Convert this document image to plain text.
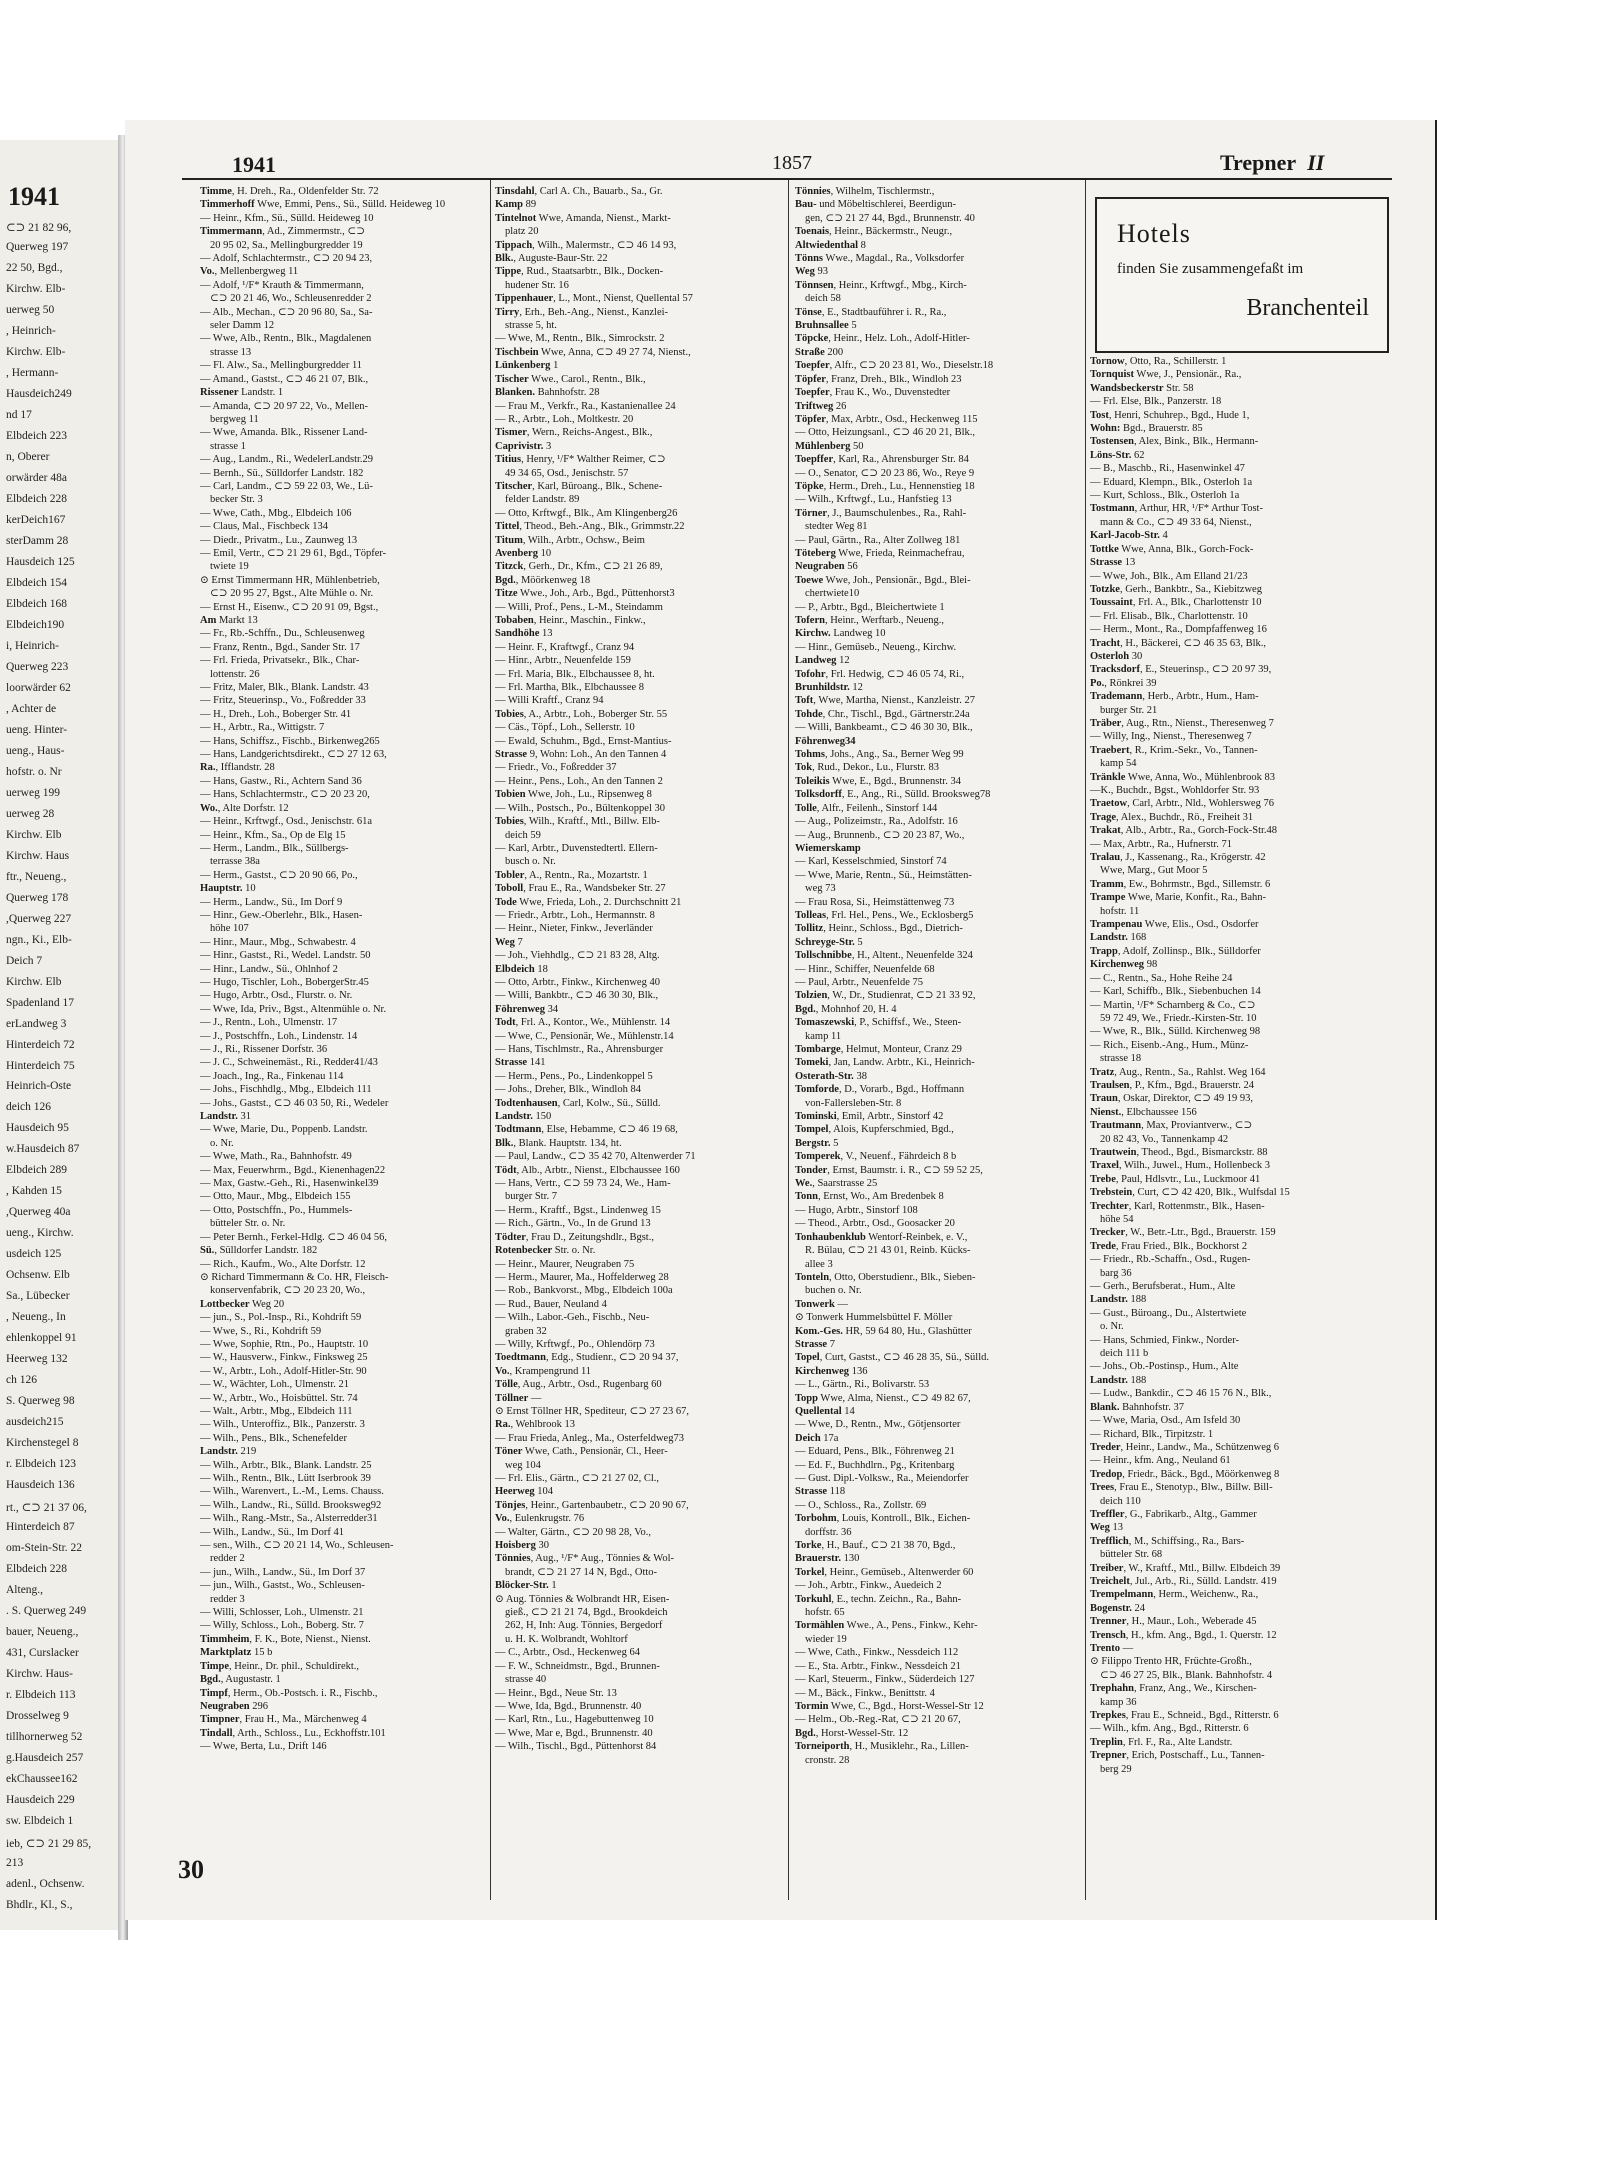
1941
⊂⊃ 21 82 96,
Querweg 197
22 50, Bgd.,
Kirchw. Elb-
uerweg 50
, Heinrich-
Kirchw. Elb-
, Hermann-
Hausdeich249
nd 17
Elbdeich 223
n, Oberer
orwärder 48a
Elbdeich 228
kerDeich167
sterDamm 28
Hausdeich 125
Elbdeich 154
Elbdeich 168
Elbdeich190
i, Heinrich-
Querweg 223
loorwärder 62
, Achter de
ueng. Hinter-
ueng., Haus-
hofstr. o. Nr
uerweg 199
uerweg 28
Kirchw. Elb
Kirchw. Haus
ftr., Neueng.,
Querweg 178
,Querweg 227
ngn., Ki., Elb-
Deich 7
Kirchw. Elb
Spadenland 17
erLandweg 3
Hinterdeich 72
Hinterdeich 75
Heinrich-Oste
deich 126
Hausdeich 95
w.Hausdeich 87
Elbdeich 289
, Kahden 15
,Querweg 40a
ueng., Kirchw.
usdeich 125
Ochsenw. Elb
Sa., Lübecker
, Neueng., In
ehlenkoppel 91
Heerweg 132
ch 126
S. Querweg 98
ausdeich215
Kirchenstegel 8
r. Elbdeich 123
Hausdeich 136
rt., ⊂⊃ 21 37 06,
Hinterdeich 87
om-Stein-Str. 22
Elbdeich 228
Alteng.,
. S. Querweg 249
bauer, Neueng.,
431, Curslacker
Kirchw. Haus-
r. Elbdeich 113
Drosselweg 9
tillhornerweg 52
g.Hausdeich 257
ekChaussee162
Hausdeich 229
sw. Elbdeich 1
ieb, ⊂⊃ 21 29 85,
213
adenl., Ochsenw.
Bhdlr., Kl., S.,
1941	1857	Trepner II
Timme, H. Dreh., Ra., Oldenfelder Str. 72
Timmerhoff Wwe, Emmi, Pens., Sü., Sülld. Heideweg 10
— Heinr., Kfm., Sü., Sülld. Heideweg 10
Timmermann, Ad., Zimmermstr., ⊂⊃
20 95 02, Sa., Mellingburgredder 19
— Adolf, Schlachtermstr., ⊂⊃ 20 94 23,
Vo., Mellenbergweg 11
— Adolf, ¹/F* Krauth & Timmermann,
⊂⊃ 20 21 46, Wo., Schleusenredder 2
— Alb., Mechan., ⊂⊃ 20 96 80, Sa., Sa-
seler Damm 12
— Wwe, Alb., Rentn., Blk., Magdalenen
strasse 13
— Fl. Alw., Sa., Mellingburgredder 11
— Amand., Gastst., ⊂⊃ 46 21 07, Blk.,
Rissener Landstr. 1
— Amanda, ⊂⊃ 20 97 22, Vo., Mellen-
bergweg 11
— Wwe, Amanda. Blk., Rissener Land-
strasse 1
— Aug., Landm., Ri., WedelerLandstr.29
— Bernh., Sü., Sülldorfer Landstr. 182
— Carl, Landm., ⊂⊃ 59 22 03, We., Lü-
becker Str. 3
— Wwe, Cath., Mbg., Elbdeich 106
— Claus, Mal., Fischbeck 134
— Diedr., Privatm., Lu., Zaunweg 13
— Emil, Vertr., ⊂⊃ 21 29 61, Bgd., Töpfer-
twiete 19
⊙ Ernst Timmermann HR, Mühlenbetrieb,
⊂⊃ 20 95 27, Bgst., Alte Mühle o. Nr.
— Ernst H., Eisenw., ⊂⊃ 20 91 09, Bgst.,
Am Markt 13
— Fr., Rb.-Schffn., Du., Schleusenweg
— Franz, Rentn., Bgd., Sander Str. 17
— Frl. Frieda, Privatsekr., Blk., Char-
lottenstr. 26
— Fritz, Maler, Blk., Blank. Landstr. 43
— Fritz, Steuerinsp., Vo., Foßredder 33
— H., Dreh., Loh., Boberger Str. 41
— H., Arbtr., Ra., Wittigstr. 7
— Hans, Schiffsz., Fischb., Birkenweg265
— Hans, Landgerichtsdirekt., ⊂⊃ 27 12 63,
Ra., Ifflandstr. 28
— Hans, Gastw., Ri., Achtern Sand 36
— Hans, Schlachtermstr., ⊂⊃ 20 23 20,
Wo., Alte Dorfstr. 12
— Heinr., Krftwgf., Osd., Jenischstr. 61a
— Heinr., Kfm., Sa., Op de Elg 15
— Herm., Landm., Blk., Süllbergs-
terrasse 38a
— Herm., Gastst., ⊂⊃ 20 90 66, Po.,
Hauptstr. 10
— Herm., Landw., Sü., Im Dorf 9
— Hinr., Gew.-Oberlehr., Blk., Hasen-
höhe 107
— Hinr., Maur., Mbg., Schwabestr. 4
— Hinr., Gastst., Ri., Wedel. Landstr. 50
— Hinr., Landw., Sü., Ohlnhof 2
— Hugo, Tischler, Loh., BobergerStr.45
— Hugo, Arbtr., Osd., Flurstr. o. Nr.
— Wwe, Ida, Priv., Bgst., Altenmühle o. Nr.
— J., Rentn., Loh., Ulmenstr. 17
— J., Postschffn., Loh., Lindenstr. 14
— J., Ri., Rissener Dorfstr. 36
— J. C., Schweinemäst., Ri., Redder41/43
— Joach., Ing., Ra., Finkenau 114
— Johs., Fischhdlg., Mbg., Elbdeich 111
— Johs., Gastst., ⊂⊃ 46 03 50, Ri., Wedeler
Landstr. 31
— Wwe, Marie, Du., Poppenb. Landstr.
o. Nr.
— Wwe, Math., Ra., Bahnhofstr. 49
— Max, Feuerwhrm., Bgd., Kienenhagen22
— Max, Gastw.-Geh., Ri., Hasenwinkel39
— Otto, Maur., Mbg., Elbdeich 155
— Otto, Postschffn., Po., Hummels-
bütteler Str. o. Nr.
— Peter Bernh., Ferkel-Hdlg. ⊂⊃ 46 04 56,
Sü., Sülldorfer Landstr. 182
— Rich., Kaufm., Wo., Alte Dorfstr. 12
⊙ Richard Timmermann & Co. HR, Fleisch-
konservenfabrik, ⊂⊃ 20 23 20, Wo.,
Lottbecker Weg 20
— jun., S., Pol.-Insp., Ri., Kohdrift 59
— Wwe, S., Ri., Kohdrift 59
— Wwe, Sophie, Rtn., Po., Hauptstr. 10
— W., Hausverw., Finkw., Finksweg 25
— W., Arbtr., Loh., Adolf-Hitler-Str. 90
— W., Wächter, Loh., Ulmenstr. 21
— W., Arbtr., Wo., Hoisbüttel. Str. 74
— Walt., Arbtr., Mbg., Elbdeich 111
— Wilh., Unteroffiz., Blk., Panzerstr. 3
— Wilh., Pens., Blk., Schenefelder
Landstr. 219
— Wilh., Arbtr., Blk., Blank. Landstr. 25
— Wilh., Rentn., Blk., Lütt Iserbrook 39
— Wilh., Warenvert., L.-M., Lems. Chauss.
— Wilh., Landw., Ri., Sülld. Brooksweg92
— Wilh., Rang.-Mstr., Sa., Alsterredder31
— Wilh., Landw., Sü., Im Dorf 41
— sen., Wilh., ⊂⊃ 20 21 14, Wo., Schleusen-
redder 2
— jun., Wilh., Landw., Sü., Im Dorf 37
— jun., Wilh., Gastst., Wo., Schleusen-
redder 3
— Willi, Schlosser, Loh., Ulmenstr. 21
— Willy, Schloss., Loh., Boberg. Str. 7
Timmheim, F. K., Bote, Nienst., Nienst.
Marktplatz 15 b
Timpe, Heinr., Dr. phil., Schuldirekt.,
Bgd., Augustastr. 1
Timpf, Herm., Ob.-Postsch. i. R., Fischb.,
Neugraben 296
Timpner, Frau H., Ma., Märchenweg 4
Tindall, Arth., Schloss., Lu., Eckhoffstr.101
— Wwe, Berta, Lu., Drift 146
Tinsdahl, Carl A. Ch., Bauarb., Sa., Gr.
Kamp 89
Tintelnot Wwe, Amanda, Nienst., Markt-
platz 20
Tippach, Wilh., Malermstr., ⊂⊃ 46 14 93,
Blk., Auguste-Baur-Str. 22
Tippe, Rud., Staatsarbtr., Blk., Docken-
hudener Str. 16
Tippenhauer, L., Mont., Nienst, Quellental 57
Tirry, Erh., Beh.-Ang., Nienst., Kanzlei-
strasse 5, ht.
— Wwe, M., Rentn., Blk., Simrockstr. 2
Tischbein Wwe, Anna, ⊂⊃ 49 27 74, Nienst.,
Lünkenberg 1
Tischer Wwe., Carol., Rentn., Blk.,
Blanken. Bahnhofstr. 28
— Frau M., Verkfr., Ra., Kastanienallee 24
— R., Arbtr., Loh., Moltkestr. 20
Tismer, Wern., Reichs-Angest., Blk.,
Caprivistr. 3
Titius, Henry, ¹/F* Walther Reimer, ⊂⊃
49 34 65, Osd., Jenischstr. 57
Titscher, Karl, Büroang., Blk., Schene-
felder Landstr. 89
— Otto, Krftwgf., Blk., Am Klingenberg26
Tittel, Theod., Beh.-Ang., Blk., Grimmstr.22
Titum, Wilh., Arbtr., Ochsw., Beim
Avenberg 10
Titzck, Gerh., Dr., Kfm., ⊂⊃ 21 26 89,
Bgd., Möörkenweg 18
Titze Wwe., Joh., Arb., Bgd., Püttenhorst3
— Willi, Prof., Pens., L-M., Steindamm
Tobaben, Heinr., Maschin., Finkw.,
Sandhöhe 13
— Heinr. F., Kraftwgf., Cranz 94
— Hinr., Arbtr., Neuenfelde 159
— Frl. Maria, Blk., Elbchaussee 8, ht.
— Frl. Martha, Blk., Elbchaussee 8
— Willi Kraftf., Cranz 94
Tobies, A., Arbtr., Loh., Boberger Str. 55
— Cäs., Töpf., Loh., Sellerstr. 10
— Ewald, Schuhm., Bgd., Ernst-Mantius-
Strasse 9, Wohn: Loh., An den Tannen 4
— Friedr., Vo., Foßredder 37
— Heinr., Pens., Loh., An den Tannen 2
Tobien Wwe, Joh., Lu., Ripsenweg 8
— Wilh., Postsch., Po., Bültenkoppel 30
Tobies, Wilh., Kraftf., Mtl., Billw. Elb-
deich 59
— Karl, Arbtr., Duvenstedtertl. Ellern-
busch o. Nr.
Tobler, A., Rentn., Ra., Mozartstr. 1
Toboll, Frau E., Ra., Wandsbeker Str. 27
Tode Wwe, Frieda, Loh., 2. Durchschnitt 21
— Friedr., Arbtr., Loh., Hermannstr. 8
— Heinr., Nieter, Finkw., Jeverländer
Weg 7
— Joh., Viehhdlg., ⊂⊃ 21 83 28, Altg.
Elbdeich 18
— Otto, Arbtr., Finkw., Kirchenweg 40
— Willi, Bankbtr., ⊂⊃ 46 30 30, Blk.,
Föhrenweg 34
Todt, Frl. A., Kontor., We., Mühlenstr. 14
— Wwe, C., Pensionär, We., Mühlenstr.14
— Hans, Tischlmstr., Ra., Ahrensburger
Strasse 141
— Herm., Pens., Po., Lindenkoppel 5
— Johs., Dreher, Blk., Windloh 84
Todtenhausen, Carl, Kolw., Sü., Sülld.
Landstr. 150
Todtmann, Else, Hebamme, ⊂⊃ 46 19 68,
Blk., Blank. Hauptstr. 134, ht.
— Paul, Landw., ⊂⊃ 35 42 70, Altenwerder 71
Tödt, Alb., Arbtr., Nienst., Elbchaussee 160
— Hans, Vertr., ⊂⊃ 59 73 24, We., Ham-
burger Str. 7
— Herm., Kraftf., Bgst., Lindenweg 15
— Rich., Gärtn., Vo., In de Grund 13
Tödter, Frau D., Zeitungshdlr., Bgst.,
Rotenbecker Str. o. Nr.
— Heinr., Maurer, Neugraben 75
— Herm., Maurer, Ma., Hoffelderweg 28
— Rob., Bankvorst., Mbg., Elbdeich 100a
— Rud., Bauer, Neuland 4
— Wilh., Labor.-Geh., Fischb., Neu-
graben 32
— Willy, Krftwgf., Po., Ohlendörp 73
Toedtmann, Edg., Studienr., ⊂⊃ 20 94 37,
Vo., Krampengrund 11
Tölle, Aug., Arbtr., Osd., Rugenbarg 60
Töllner —
⊙ Ernst Töllner HR, Spediteur, ⊂⊃ 27 23 67,
Ra., Wehlbrook 13
— Frau Frieda, Anleg., Ma., Osterfeldweg73
Töner Wwe, Cath., Pensionär, Cl., Heer-
weg 104
— Frl. Elis., Gärtn., ⊂⊃ 21 27 02, Cl.,
Heerweg 104
Tönjes, Heinr., Gartenbaubetr., ⊂⊃ 20 90 67,
Vo., Eulenkrugstr. 76
— Walter, Gärtn., ⊂⊃ 20 98 28, Vo.,
Hoisberg 30
Tönnies, Aug., ¹/F* Aug., Tönnies & Wol-
brandt, ⊂⊃ 21 27 14 N, Bgd., Otto-
Blöcker-Str. 1
⊙ Aug. Tönnies & Wolbrandt HR, Eisen-
gieß., ⊂⊃ 21 21 74, Bgd., Brookdeich
262, H, Inh: Aug. Tönnies, Bergedorf
u. H. K. Wolbrandt, Wohltorf
— C., Arbtr., Osd., Heckenweg 64
— F. W., Schneidmstr., Bgd., Brunnen-
strasse 40
— Heinr., Bgd., Neue Str. 13
— Wwe, Ida, Bgd., Brunnenstr. 40
— Karl, Rtn., Lu., Hagebuttenweg 10
— Wwe, Mar e, Bgd., Brunnenstr. 40
— Wilh., Tischl., Bgd., Püttenhorst 84
Tönnies, Wilhelm, Tischlermstr.,
Bau- und Möbeltischlerei, Beerdigun-
gen, ⊂⊃ 21 27 44, Bgd., Brunnenstr. 40
Toenais, Heinr., Bäckermstr., Neugr.,
Altwiedenthal 8
Tönns Wwe., Magdal., Ra., Volksdorfer
Weg 93
Tönnsen, Heinr., Krftwgf., Mbg., Kirch-
deich 58
Tönse, E., Stadtbauführer i. R., Ra.,
Bruhnsallee 5
Töpcke, Heinr., Helz. Loh., Adolf-Hitler-
Straße 200
Toepfer, Alfr., ⊂⊃ 20 23 81, Wo., Dieselstr.18
Töpfer, Franz, Dreh., Blk., Windloh 23
Toepfer, Frau K., Wo., Duvenstedter
Triftweg 26
Töpfer, Max, Arbtr., Osd., Heckenweg 115
— Otto, Heizungsanl., ⊂⊃ 46 20 21, Blk.,
Mühlenberg 50
Toepffer, Karl, Ra., Ahrensburger Str. 84
— O., Senator, ⊂⊃ 20 23 86, Wo., Reye 9
Töpke, Herm., Dreh., Lu., Hennenstieg 18
— Wilh., Krftwgf., Lu., Hanfstieg 13
Törner, J., Baumschulenbes., Ra., Rahl-
stedter Weg 81
— Paul, Gärtn., Ra., Alter Zollweg 181
Töteberg Wwe, Frieda, Reinmachefrau,
Neugraben 56
Toewe Wwe, Joh., Pensionär., Bgd., Blei-
chertwiete10
— P., Arbtr., Bgd., Bleichertwiete 1
Tofern, Heinr., Werftarb., Neueng.,
Kirchw. Landweg 10
— Hinr., Gemüseb., Neueng., Kirchw.
Landweg 12
Tofohr, Frl. Hedwig, ⊂⊃ 46 05 74, Ri.,
Brunhildstr. 12
Toft, Wwe, Martha, Nienst., Kanzleistr. 27
Tohde, Chr., Tischl., Bgd., Gärtnerstr.24a
— Willi, Bankbeamt., ⊂⊃ 46 30 30, Blk.,
Föhrenweg34
Tohms, Johs., Ang., Sa., Berner Weg 99
Tok, Rud., Dekor., Lu., Flurstr. 83
Toleikis Wwe, E., Bgd., Brunnenstr. 34
Tolksdorff, E., Ang., Ri., Sülld. Brooksweg78
Tolle, Alfr., Feilenh., Sinstorf 144
— Aug., Polizeimstr., Ra., Adolfstr. 16
— Aug., Brunnenb., ⊂⊃ 20 23 87, Wo.,
Wiemerskamp
— Karl, Kesselschmied, Sinstorf 74
— Wwe, Marie, Rentn., Sü., Heimstätten-
weg 73
— Frau Rosa, Si., Heimstättenweg 73
Tolleas, Frl. Hel., Pens., We., Ecklosberg5
Tollitz, Heinr., Schloss., Bgd., Dietrich-
Schreyge-Str. 5
Tollschnibbe, H., Altent., Neuenfelde 324
— Hinr., Schiffer, Neuenfelde 68
— Paul, Arbtr., Neuenfelde 75
Tolzien, W., Dr., Studienrat, ⊂⊃ 21 33 92,
Bgd., Mohnhof 20, H. 4
Tomaszewski, P., Schiffsf., We., Steen-
kamp 11
Tombarge, Helmut, Monteur, Cranz 29
Tomeki, Jan, Landw. Arbtr., Ki., Heinrich-
Osterath-Str. 38
Tomforde, D., Vorarb., Bgd., Hoffmann
von-Fallersleben-Str. 8
Tominski, Emil, Arbtr., Sinstorf 42
Tompel, Alois, Kupferschmied, Bgd.,
Bergstr. 5
Tomperek, V., Neuenf., Fährdeich 8 b
Tonder, Ernst, Baumstr. i. R., ⊂⊃ 59 52 25,
We., Saarstrasse 25
Tonn, Ernst, Wo., Am Bredenbek 8
— Hugo, Arbtr., Sinstorf 108
— Theod., Arbtr., Osd., Goosacker 20
Tonhaubenklub Wentorf-Reinbek, e. V.,
R. Bülau, ⊂⊃ 21 43 01, Reinb. Kücks-
allee 3
Tonteln, Otto, Oberstudienr., Blk., Sieben-
buchen o. Nr.
Tonwerk —
⊙ Tonwerk Hummelsbüttel F. Möller
Kom.-Ges. HR, 59 64 80, Hu., Glashütter
Strasse 7
Topel, Curt, Gastst., ⊂⊃ 46 28 35, Sü., Sülld.
Kirchenweg 136
— L., Gärtn., Ri., Bolivarstr. 53
Topp Wwe, Alma, Nienst., ⊂⊃ 49 82 67,
Quellental 14
— Wwe, D., Rentn., Mw., Götjensorter
Deich 17a
— Eduard, Pens., Blk., Föhrenweg 21
— Ed. F., Buchhdlrn., Pg., Kritenbarg
— Gust. Dipl.-Volksw., Ra., Meiendorfer
Strasse 118
— O., Schloss., Ra., Zollstr. 69
Torbohm, Louis, Kontroll., Blk., Eichen-
dorffstr. 36
Torke, H., Bauf., ⊂⊃ 21 38 70, Bgd.,
Brauerstr. 130
Torkel, Heinr., Gemüseb., Altenwerder 60
— Joh., Arbtr., Finkw., Auedeich 2
Torkuhl, E., techn. Zeichn., Ra., Bahn-
hofstr. 65
Tormählen Wwe., A., Pens., Finkw., Kehr-
wieder 19
— Wwe, Cath., Finkw., Nessdeich 112
— E., Sta. Arbtr., Finkw., Nessdeich 21
— Karl, Steuerm., Finkw., Süderdeich 127
— M., Bäck., Finkw., Benittstr. 4
Tormin Wwe, C., Bgd., Horst-Wessel-Str 12
— Helm., Ob.-Reg.-Rat, ⊂⊃ 21 20 67,
Bgd., Horst-Wessel-Str. 12
Torneiporth, H., Musiklehr., Ra., Lillen-
cronstr. 28
Tornow, Otto, Ra., Schillerstr. 1
Tornquist Wwe, J., Pensionär., Ra.,
Wandsbeckerstr Str. 58
— Frl. Else, Blk., Panzerstr. 18
Tost, Henri, Schuhrep., Bgd., Hude 1,
Wohn: Bgd., Brauerstr. 85
Tostensen, Alex, Bink., Blk., Hermann-
Löns-Str. 62
— B., Maschb., Ri., Hasenwinkel 47
— Eduard, Klempn., Blk., Osterloh 1a
— Kurt, Schloss., Blk., Osterloh 1a
Tostmann, Arthur, HR, ¹/F* Arthur Tost-
mann & Co., ⊂⊃ 49 33 64, Nienst.,
Karl-Jacob-Str. 4
Tottke Wwe, Anna, Blk., Gorch-Fock-
Strasse 13
— Wwe, Joh., Blk., Am Elland 21/23
Totzke, Gerh., Bankbtr., Sa., Kiebitzweg
Toussaint, Frl. A., Blk., Charlottenstr 10
— Frl. Elisab., Blk., Charlottenstr. 10
— Herm., Mont., Ra., Dompfaffenweg 16
Tracht, H., Bäckerei, ⊂⊃ 46 35 63, Blk.,
Osterloh 30
Tracksdorf, E., Steuerinsp., ⊂⊃ 20 97 39,
Po., Rönkrei 39
Trademann, Herb., Arbtr., Hum., Ham-
burger Str. 21
Träber, Aug., Rtn., Nienst., Theresenweg 7
— Willy, Ing., Nienst., Theresenweg 7
Traebert, R., Krim.-Sekr., Vo., Tannen-
kamp 54
Tränkle Wwe, Anna, Wo., Mühlenbrook 83
—K., Buchdr., Bgst., Wohldorfer Str. 93
Traetow, Carl, Arbtr., Nld., Wohlersweg 76
Trage, Alex., Buchdr., Rö., Freiheit 31
Trakat, Alb., Arbtr., Ra., Gorch-Fock-Str.48
— Max, Arbtr., Ra., Hufnerstr. 71
Tralau, J., Kassenang., Ra., Krögerstr. 42
Wwe, Marg., Gut Moor 5
Tramm, Ew., Bohrmstr., Bgd., Sillemstr. 6
Trampe Wwe, Marie, Konfit., Ra., Bahn-
hofstr. 11
Trampenau Wwe, Elis., Osd., Osdorfer
Landstr. 168
Trapp, Adolf, Zollinsp., Blk., Sülldorfer
Kirchenweg 98
— C., Rentn., Sa., Hohe Reihe 24
— Karl, Schiffb., Blk., Siebenbuchen 14
— Martin, ¹/F* Scharnberg & Co., ⊂⊃
59 72 49, We., Friedr.-Kirsten-Str. 10
— Wwe, R., Blk., Sülld. Kirchenweg 98
— Rich., Eisenb.-Ang., Hum., Münz-
strasse 18
Tratz, Aug., Rentn., Sa., Rahlst. Weg 164
Traulsen, P., Kfm., Bgd., Brauerstr. 24
Traun, Oskar, Direktor, ⊂⊃ 49 19 93,
Nienst., Elbchaussee 156
Trautmann, Max, Proviantverw., ⊂⊃
20 82 43, Vo., Tannenkamp 42
Trautwein, Theod., Bgd., Bismarckstr. 88
Traxel, Wilh., Juwel., Hum., Hollenbeck 3
Trebe, Paul, Hdlsvtr., Lu., Luckmoor 41
Trebstein, Curt, ⊂⊃ 42 420, Blk., Wulfsdal 15
Trechter, Karl, Rottenmstr., Blk., Hasen-
höhe 54
Trecker, W., Betr.-Ltr., Bgd., Brauerstr. 159
Trede, Frau Fried., Blk., Bockhorst 2
— Friedr., Rb.-Schaffn., Osd., Rugen-
barg 36
— Gerh., Berufsberat., Hum., Alte
Landstr. 188
— Gust., Büroang., Du., Alstertwiete
o. Nr.
— Hans, Schmied, Finkw., Norder-
deich 111 b
— Johs., Ob.-Postinsp., Hum., Alte
Landstr. 188
— Ludw., Bankdir., ⊂⊃ 46 15 76 N., Blk.,
Blank. Bahnhofstr. 37
— Wwe, Maria, Osd., Am Isfeld 30
— Richard, Blk., Tirpitzstr. 1
Treder, Heinr., Landw., Ma., Schützenweg 6
— Heinr., kfm. Ang., Neuland 61
Tredop, Friedr., Bäck., Bgd., Möörkenweg 8
Trees, Frau E., Stenotyp., Blw., Billw. Bill-
deich 110
Treffler, G., Fabrikarb., Altg., Gammer
Weg 13
Trefflich, M., Schiffsing., Ra., Bars-
bütteler Str. 68
Treiber, W., Kraftf., Mtl., Billw. Elbdeich 39
Treichelt, Jul., Arb., Ri., Sülld. Landstr. 419
Trempelmann, Herm., Weichenw., Ra.,
Bogenstr. 24
Trenner, H., Maur., Loh., Weberade 45
Trensch, H., kfm. Ang., Bgd., 1. Querstr. 12
Trento —
⊙ Filippo Trento HR, Früchte-Großh.,
⊂⊃ 46 27 25, Blk., Blank. Bahnhofstr. 4
Trephahn, Franz, Ang., We., Kirschen-
kamp 36
Trepkes, Frau E., Schneid., Bgd., Ritterstr. 6
— Wilh., kfm. Ang., Bgd., Ritterstr. 6
Treplin, Frl. F., Ra., Alte Landstr.
Trepner, Erich, Postschaff., Lu., Tannen-
berg 29
Hotels
finden Sie zusammengefaßt im
Branchenteil
30
